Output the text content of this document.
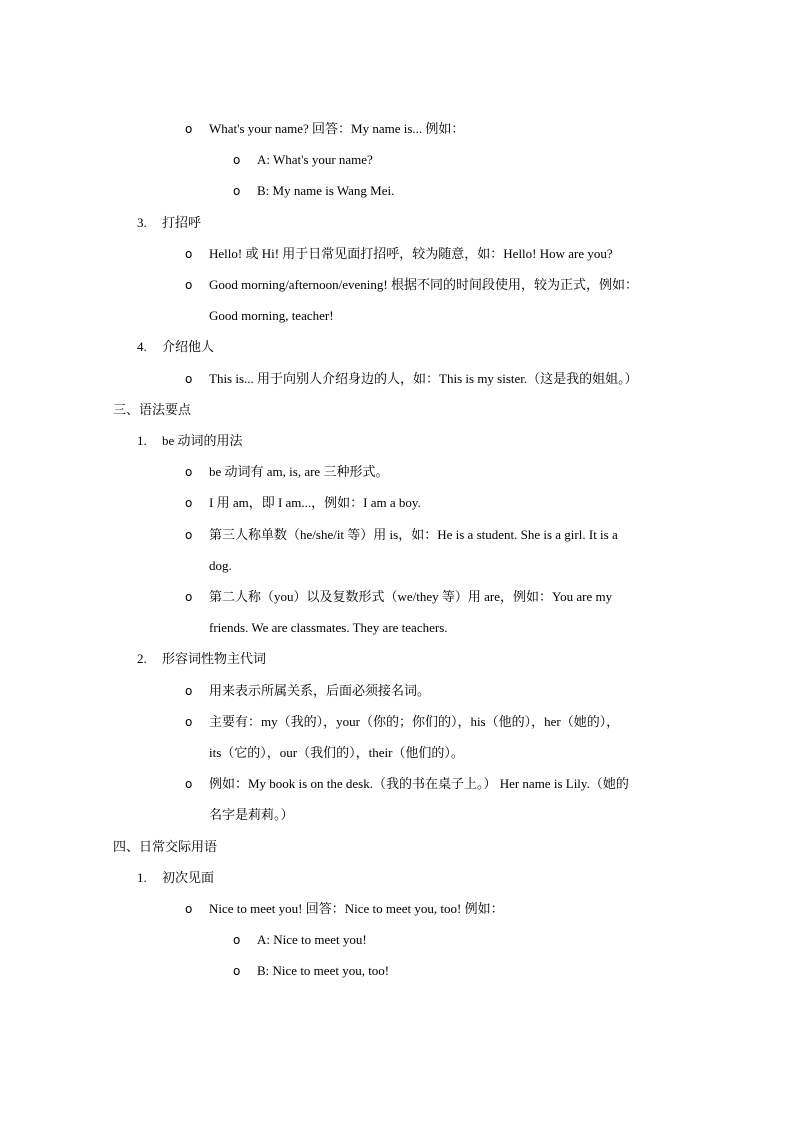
o What's your name? 回答：My name is... 例如：
o A: What's your name?
o B: My name is Wang Mei.
3. 打招呼
o Hello! 或 Hi! 用于日常见面打招呼，较为随意，如：Hello! How are you?
o Good morning/afternoon/evening! 根据不同的时间段使用，较为正式，例如：
Good morning, teacher!
4. 介绍他人
o This is... 用于向别人介绍身边的人，如：This is my sister.（这是我的姐姐。）
三、语法要点
1. be 动词的用法
o be 动词有 am, is, are 三种形式。
o I 用 am，即 I am...，例如：I am a boy.
o 第三人称单数（he/she/it 等）用 is，如：He is a student. She is a girl. It is a
dog.
o 第二人称（you）以及复数形式（we/they 等）用 are，例如：You are my
friends. We are classmates. They are teachers.
2. 形容词性物主代词
o 用来表示所属关系，后面必须接名词。
o 主要有：my（我的），your（你的；你们的），his（他的），her（她的），
its（它的），our（我们的），their（他们的）。
o 例如：My book is on the desk.（我的书在桌子上。） Her name is Lily.（她的
名字是莉莉。）
四、日常交际用语
1. 初次见面
o Nice to meet you! 回答：Nice to meet you, too! 例如：
o A: Nice to meet you!
o B: Nice to meet you, too!
